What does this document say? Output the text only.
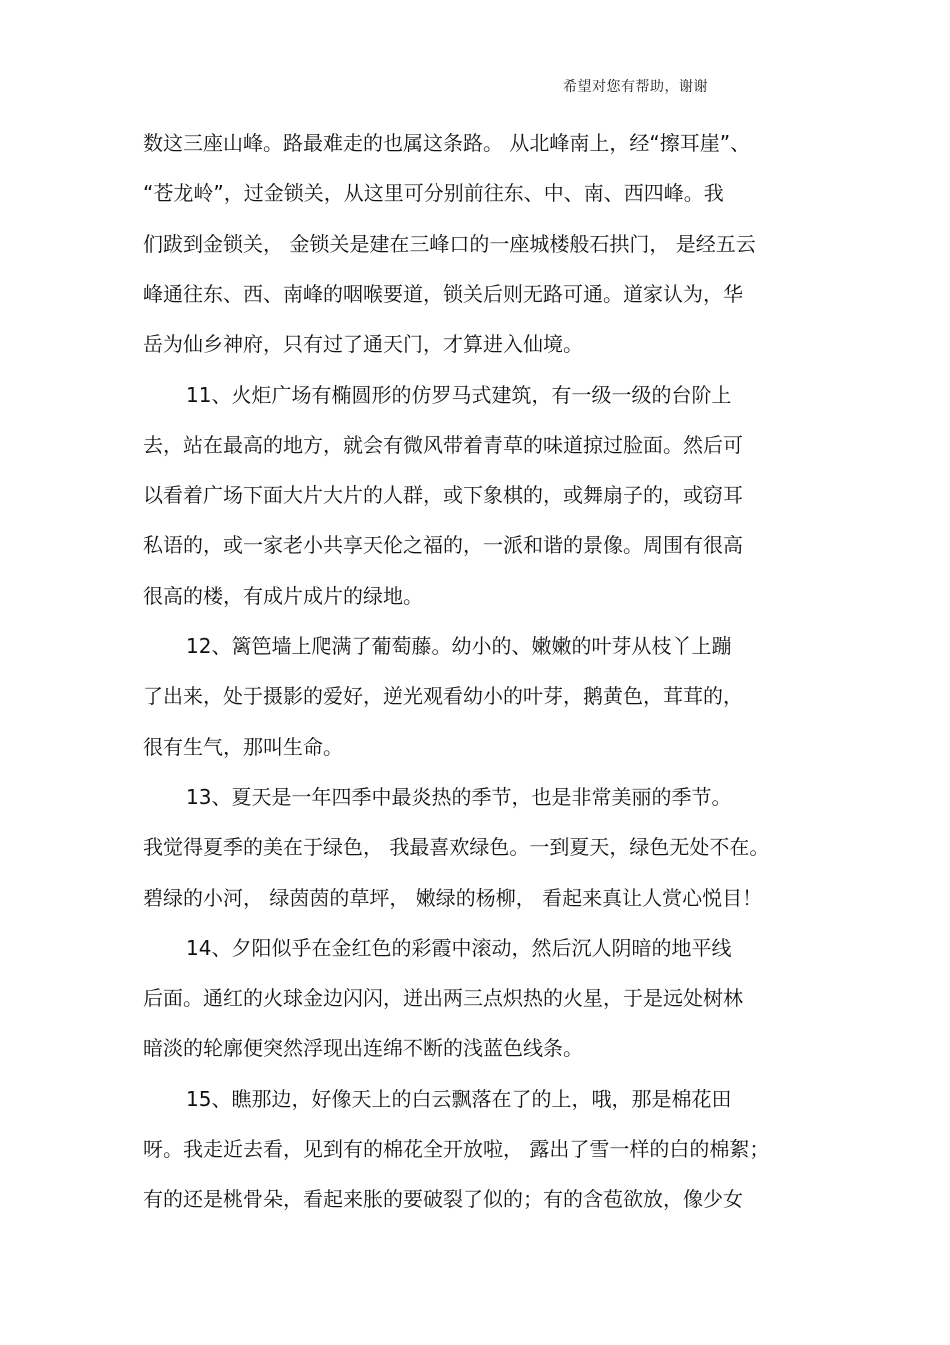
希望对您有帮助，谢谢
数这三座山峰。路最难走的也属这条路。 从北峰南上，经“擦耳崖”、
“苍龙岭”，过金锁关，从这里可分别前往东、中、南、西四峰。我
们跋到金锁关， 金锁关是建在三峰口的一座城楼般石拱门， 是经五云
峰通往东、西、南峰的咽喉要道，锁关后则无路可通。道家认为，华
岳为仙乡神府，只有过了通天门，才算进入仙境。
11、火炬广场有椭圆形的仿罗马式建筑，有一级一级的台阶上
去，站在最高的地方，就会有微风带着青草的味道掠过脸面。然后可
以看着广场下面大片大片的人群，或下象棋的，或舞扇子的，或窃耳
私语的，或一家老小共享天伦之福的，一派和谐的景像。周围有很高
很高的楼，有成片成片的绿地。
12、篱笆墙上爬满了葡萄藤。幼小的、嫩嫩的叶芽从枝丫上蹦
了出来，处于摄影的爱好，逆光观看幼小的叶芽，鹅黄色，茸茸的，
很有生气，那叫生命。
13、夏天是一年四季中最炎热的季节，也是非常美丽的季节。
我觉得夏季的美在于绿色， 我最喜欢绿色。一到夏天，绿色无处不在。
碧绿的小河， 绿茵茵的草坪， 嫩绿的杨柳， 看起来真让人赏心悦目！
14、夕阳似乎在金红色的彩霞中滚动，然后沉人阴暗的地平线
后面。通红的火球金边闪闪，迸出两三点炽热的火星，于是远处树林
暗淡的轮廓便突然浮现出连绵不断的浅蓝色线条。
15、瞧那边，好像天上的白云飘落在了的上，哦，那是棉花田
呀。我走近去看，见到有的棉花全开放啦， 露出了雪一样的白的棉絮；
有的还是桃骨朵，看起来胀的要破裂了似的；有的含苞欲放，像少女
